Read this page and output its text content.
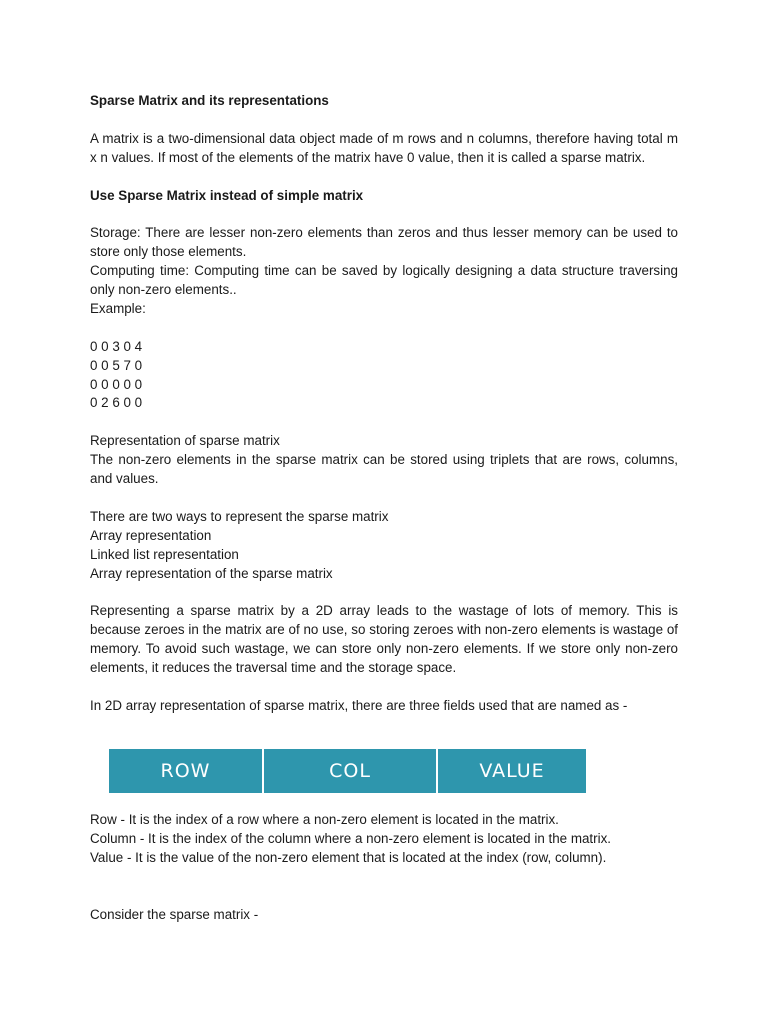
Sparse Matrix and its representations

A matrix is a two-dimensional data object made of m rows and n columns, therefore having total m x n values. If most of the elements of the matrix have 0 value, then it is called a sparse matrix.

Use Sparse Matrix instead of simple matrix

Storage: There are lesser non-zero elements than zeros and thus lesser memory can be used to store only those elements.

Computing time: Computing time can be saved by logically designing a data structure traversing only non-zero elements..

Example:

0 0 3 0 4
0 0 5 7 0
0 0 0 0 0
0 2 6 0 0

Representation of sparse matrix

The non-zero elements in the sparse matrix can be stored using triplets that are rows, columns, and values.

There are two ways to represent the sparse matrix

Array representation
Linked list representation
Array representation of the sparse matrix

Representing a sparse matrix by a 2D array leads to the wastage of lots of memory. This is because zeroes in the matrix are of no use, so storing zeroes with non-zero elements is wastage of memory. To avoid such wastage, we can store only non-zero elements. If we store only non-zero elements, it reduces the traversal time and the storage space.

In 2D array representation of sparse matrix, there are three fields used that are named as -

ROW	COL	VALUE
Row - It is the index of a row where a non-zero element is located in the matrix.
Column - It is the index of the column where a non-zero element is located in the matrix.
Value - It is the value of the non-zero element that is located at the index (row, column).

Consider the sparse matrix -
